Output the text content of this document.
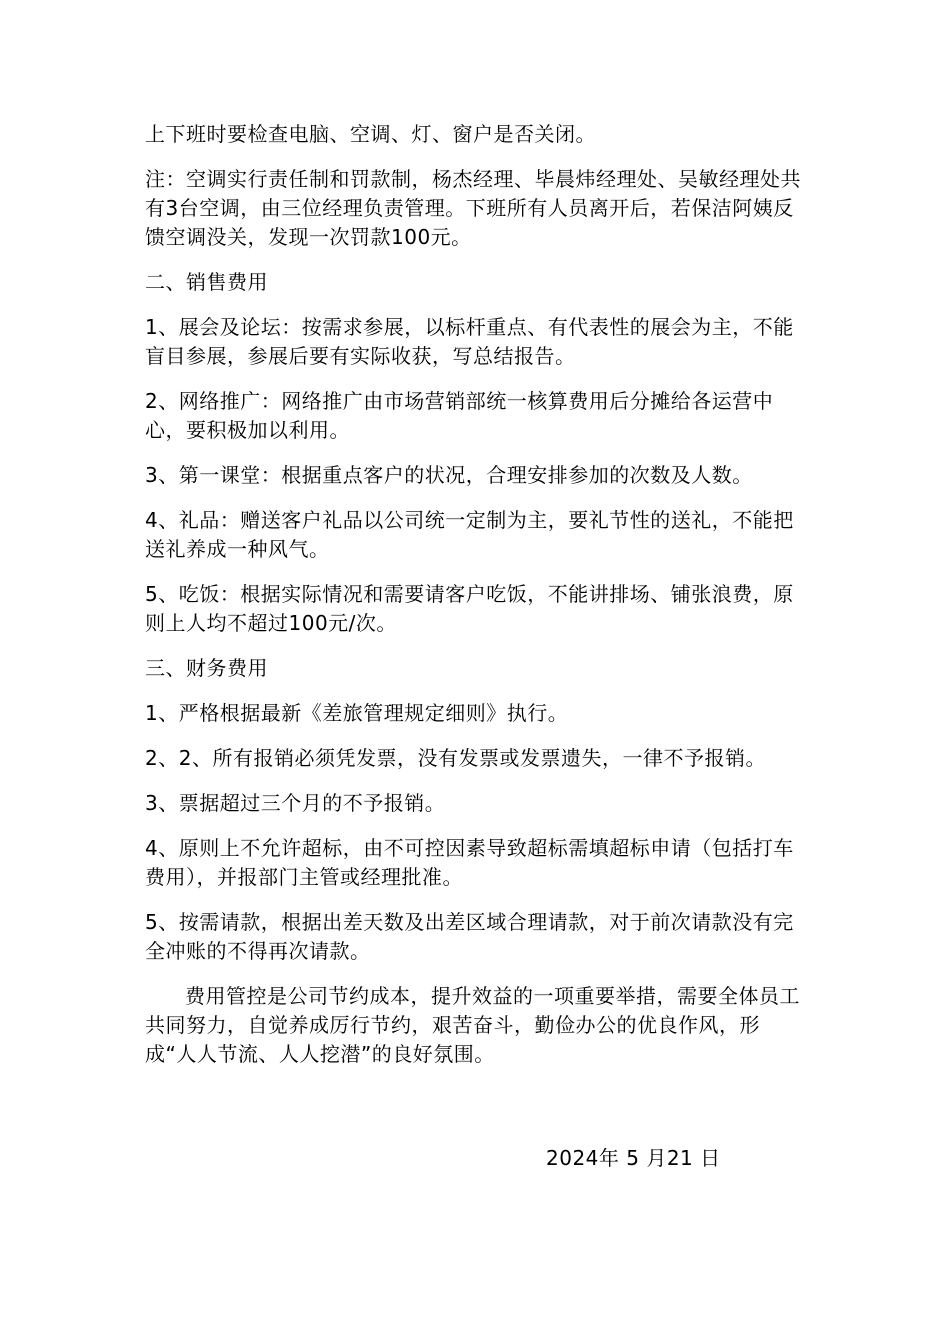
上下班时要检查电脑、空调、灯、窗户是否关闭。

注：空调实行责任制和罚款制，杨杰经理、毕晨炜经理处、吴敏经理处共有3台空调，由三位经理负责管理。下班所有人员离开后，若保洁阿姨反馈空调没关，发现一次罚款100元。

二、销售费用

1、展会及论坛：按需求参展，以标杆重点、有代表性的展会为主，不能盲目参展，参展后要有实际收获，写总结报告。

2、网络推广：网络推广由市场营销部统一核算费用后分摊给各运营中心，要积极加以利用。

3、第一课堂：根据重点客户的状况，合理安排参加的次数及人数。

4、礼品：赠送客户礼品以公司统一定制为主，要礼节性的送礼，不能把送礼养成一种风气。

5、吃饭：根据实际情况和需要请客户吃饭，不能讲排场、铺张浪费，原则上人均不超过100元/次。

三、财务费用

1、严格根据最新《差旅管理规定细则》执行。

2、2、所有报销必须凭发票，没有发票或发票遗失，一律不予报销。

3、票据超过三个月的不予报销。

4、原则上不允许超标，由不可控因素导致超标需填超标申请（包括打车费用），并报部门主管或经理批准。

5、按需请款，根据出差天数及出差区域合理请款，对于前次请款没有完全冲账的不得再次请款。

费用管控是公司节约成本，提升效益的一项重要举措，需要全体员工共同努力，自觉养成厉行节约，艰苦奋斗，勤俭办公的优良作风，形成“人人节流、人人挖潜”的良好氛围。

2024年 5 月21 日
